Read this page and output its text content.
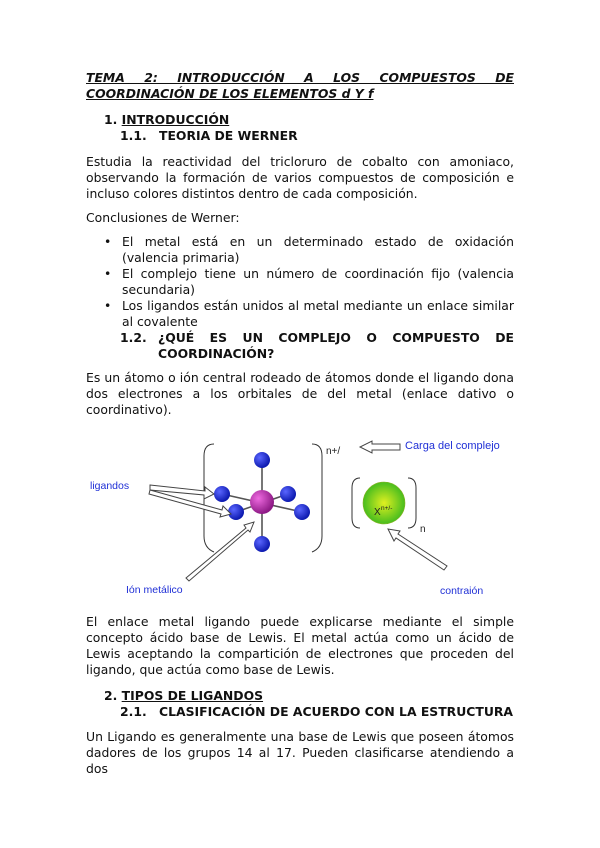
TEMA 2: INTRODUCCIÓN A LOS COMPUESTOS DE
COORDINACIÓN DE LOS ELEMENTOS d Y f
1. INTRODUCCIÓN
1.1. TEORIA DE WERNER
Estudia la reactividad del tricloruro de cobalto con amoniaco, observando la formación de varios compuestos de composición e incluso colores distintos dentro de cada composición.
Conclusiones de Werner:
• El metal está en un determinado estado de oxidación (valencia primaria)
• El complejo tiene un número de coordinación fijo (valencia secundaria)
• Los ligandos están unidos al metal mediante un enlace similar al covalente
1.2. ¿QUÉ ES UN COMPLEJO O COMPUESTO DE
COORDINACIÓN?
Es un átomo o ión central rodeado de átomos donde el ligando dona dos electrones a los orbitales de del metal (enlace dativo o coordinativo).
ligandos
Ión metálico
n+/	Carga del complejo
X n+/-
n
contraión
El enlace metal ligando puede explicarse mediante el simple concepto ácido base de Lewis. El metal actúa como un ácido de Lewis aceptando la compartición de electrones que proceden del ligando, que actúa como base de Lewis.
2. TIPOS DE LIGANDOS
2.1. CLASIFICACIÓN DE ACUERDO CON LA ESTRUCTURA
Un Ligando es generalmente una base de Lewis que poseen átomos dadores de los grupos 14 al 17. Pueden clasificarse atendiendo a dos
